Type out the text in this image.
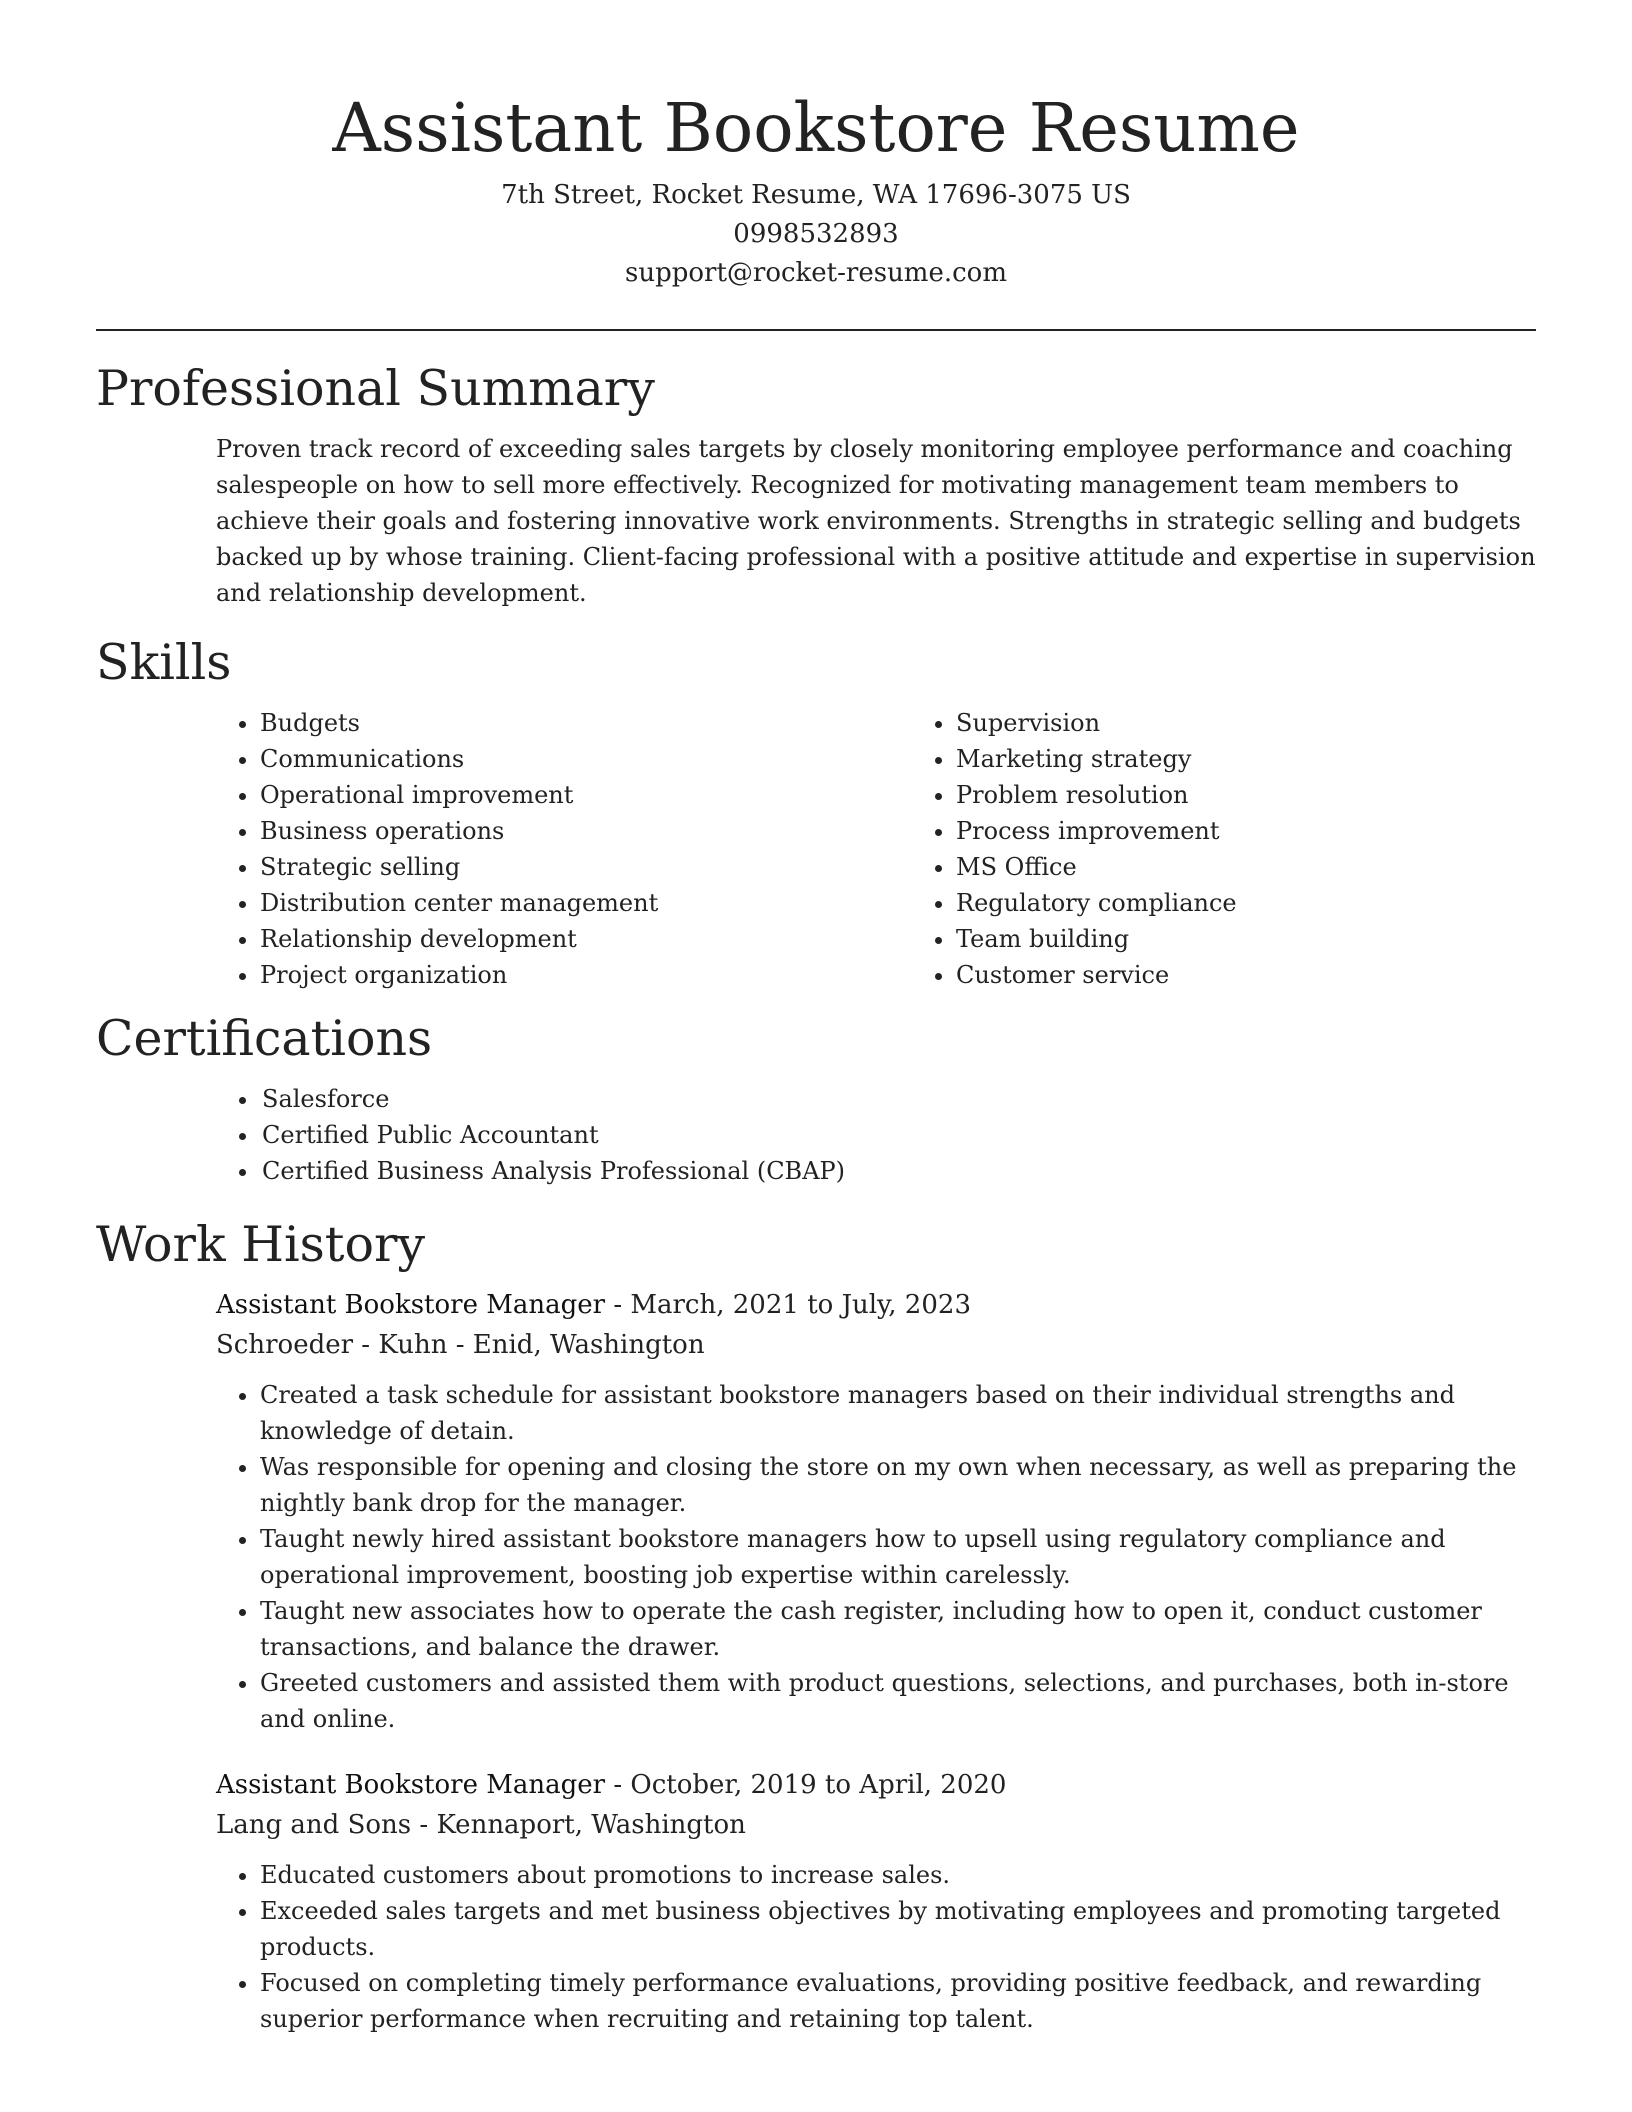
Assistant Bookstore Resume
7th Street, Rocket Resume, WA 17696-3075 US
0998532893
support@rocket-resume.com
Professional Summary

Proven track record of exceeding sales targets by closely monitoring employee performance and coaching salespeople on how to sell more effectively. Recognized for motivating management team members to achieve their goals and fostering innovative work environments. Strengths in strategic selling and budgets backed up by whose training. Client-facing professional with a positive attitude and expertise in supervision and relationship development.

Skills
• Budgets
• Communications
• Operational improvement
• Business operations
• Strategic selling
• Distribution center management
• Relationship development
• Project organization
• Supervision
• Marketing strategy
• Problem resolution
• Process improvement
• MS Office
• Regulatory compliance
• Team building
• Customer service
Certifications
• Salesforce
• Certified Public Accountant
• Certified Business Analysis Professional (CBAP)
Work History
Assistant Bookstore Manager - March, 2021 to July, 2023
Schroeder - Kuhn - Enid, Washington
• Created a task schedule for assistant bookstore managers based on their individual strengths and knowledge of detain.
• Was responsible for opening and closing the store on my own when necessary, as well as preparing the nightly bank drop for the manager.
• Taught newly hired assistant bookstore managers how to upsell using regulatory compliance and operational improvement, boosting job expertise within carelessly.
• Taught new associates how to operate the cash register, including how to open it, conduct customer transactions, and balance the drawer.
• Greeted customers and assisted them with product questions, selections, and purchases, both in-store and online.
Assistant Bookstore Manager - October, 2019 to April, 2020
Lang and Sons - Kennaport, Washington
• Educated customers about promotions to increase sales.
• Exceeded sales targets and met business objectives by motivating employees and promoting targeted products.
• Focused on completing timely performance evaluations, providing positive feedback, and rewarding superior performance when recruiting and retaining top talent.
